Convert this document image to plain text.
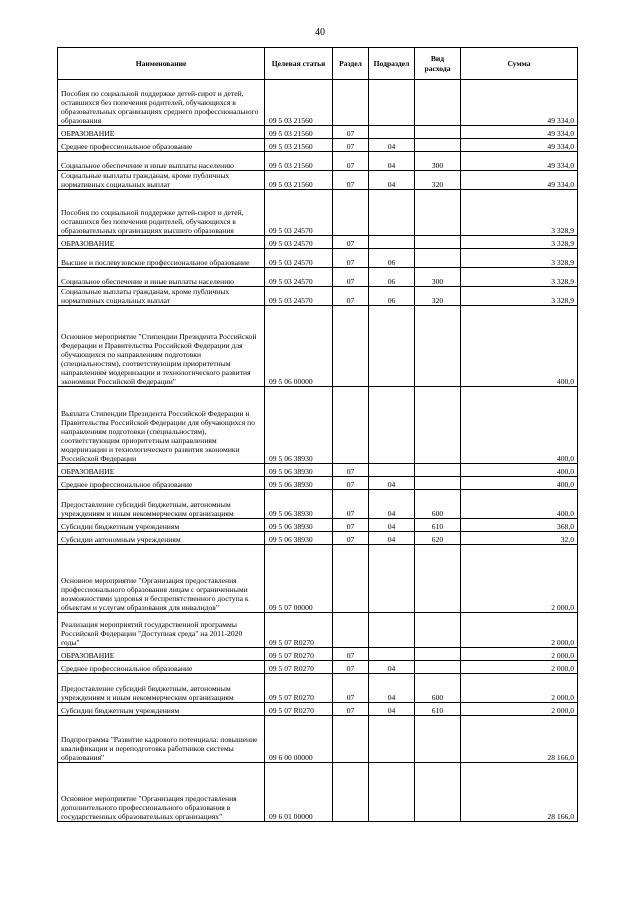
40
Наименование	Целевая статья	Раздел	Подраздел	Вид расхода	Сумма
Пособия по социальной поддержке детей-сирот и детей, оставшихся без попечения родителей, обучающихся в образовательных организациях среднего профессионального образования	09 5 03 21560				49 334,0
ОБРАЗОВАНИЕ	09 5 03 21560	07			49 334,0
Среднее профессиональное образование	09 5 03 21560	07	04		49 334,0
Социальное обеспечение и иные выплаты населению	09 5 03 21560	07	04	300	49 334,0
Социальные выплаты гражданам, кроме публичных нормативных социальных выплат	09 5 03 21560	07	04	320	49 334,0
Пособия по социальной поддержке детей-сирот и детей, оставшихся без попечения родителей, обучающихся в образовательных организациях высшего образования	09 5 03 24570				3 328,9
ОБРАЗОВАНИЕ	09 5 03 24570	07			3 328,9
Высшее и послевузовское профессиональное образование	09 5 03 24570	07	06		3 328,9
Социальное обеспечение и иные выплаты населению	09 5 03 24570	07	06	300	3 328,9
Социальные выплаты гражданам, кроме публичных нормативных социальных выплат	09 5 03 24570	07	06	320	3 328,9
Основное мероприятие "Стипендии Президента Российской Федерации и Правительства Российской Федерации для обучающихся по направлениям подготовки (специальностям), соответствующим приоритетным направлениям модернизации и технологического развития экономики Российской Федерации"	09 5 06 00000				400,0
Выплата Стипендии Президента Российской Федерации и Правительства Российской Федерации для обучающихся по направлениям подготовки (специальностям), соответствующим приоритетным направлениям модернизации и технологического развития экономики Российской Федерации	09 5 06 38930				400,0
ОБРАЗОВАНИЕ	09 5 06 38930	07			400,0
Среднее профессиональное образование	09 5 06 38930	07	04		400,0
Предоставление субсидий бюджетным, автономным учреждениям и иным некоммерческим организациям	09 5 06 38930	07	04	600	400,0
Субсидии бюджетным учреждениям	09 5 06 38930	07	04	610	368,0
Субсидии автономным учреждениям	09 5 06 38930	07	04	620	32,0
Основное мероприятие "Организация предоставления профессионального образования лицам с ограниченными возможностями здоровья и беспрепятственного доступа к объектам и услугам образования для инвалидов"	09 5 07 00000				2 000,0
Реализация мероприятий государственной программы Российской Федерации "Доступная среда" на 2011-2020 годы"	09 5 07 R0270				2 000,0
ОБРАЗОВАНИЕ	09 5 07 R0270	07			2 000,0
Среднее профессиональное образование	09 5 07 R0270	07	04		2 000,0
Предоставление субсидий бюджетным, автономным учреждениям и иным некоммерческим организациям	09 5 07 R0270	07	04	600	2 000,0
Субсидии бюджетным учреждениям	09 5 07 R0270	07	04	610	2 000,0
Подпрограмма "Развитие кадрового потенциала: повышение квалификации и переподготовка работников системы образования"	09 6 00 00000				28 166,0
Основное мероприятие "Организация предоставления дополнительного профессионального образования в государственных образовательных организациях"	09 6 01 00000				28 166,0
